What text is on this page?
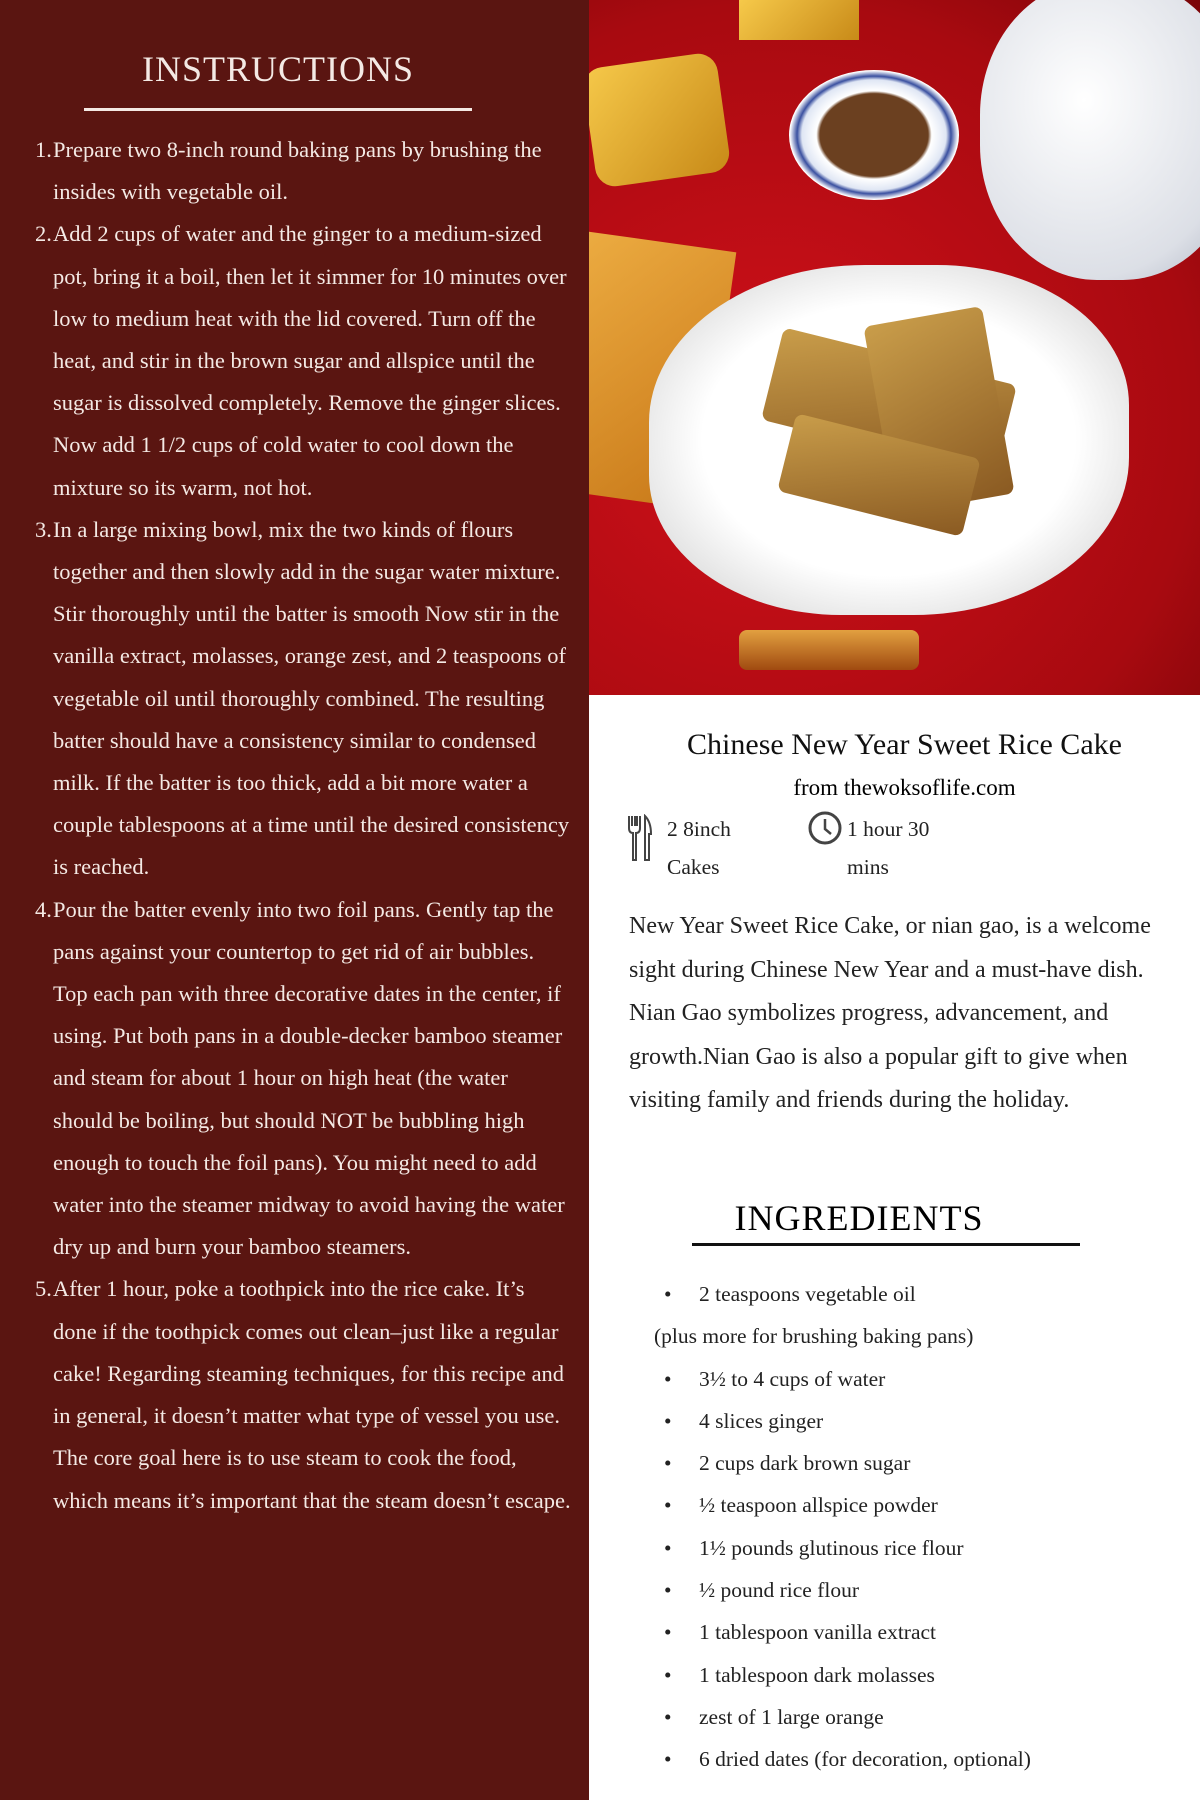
INSTRUCTIONS
Prepare two 8-inch round baking pans by brushing the insides with vegetable oil.
Add 2 cups of water and the ginger to a medium-sized pot, bring it a boil, then let it simmer for 10 minutes over low to medium heat with the lid covered. Turn off the heat, and stir in the brown sugar and allspice until the sugar is dissolved completely. Remove the ginger slices. Now add 1 1/2 cups of cold water to cool down the mixture so its warm, not hot.
In a large mixing bowl, mix the two kinds of flours together and then slowly add in the sugar water mixture. Stir thoroughly until the batter is smooth Now stir in the vanilla extract, molasses, orange zest, and 2 teaspoons of vegetable oil until thoroughly combined. The resulting batter should have a consistency similar to condensed milk. If the batter is too thick, add a bit more water a couple tablespoons at a time until the desired consistency is reached.
Pour the batter evenly into two foil pans. Gently tap the pans against your countertop to get rid of air bubbles. Top each pan with three decorative dates in the center, if using. Put both pans in a double-decker bamboo steamer and steam for about 1 hour on high heat (the water should be boiling, but should NOT be bubbling high enough to touch the foil pans). You might need to add water into the steamer midway to avoid having the water dry up and burn your bamboo steamers.
After 1 hour, poke a toothpick into the rice cake. It’s done if the toothpick comes out clean–just like a regular cake! Regarding steaming techniques, for this recipe and in general, it doesn’t matter what type of vessel you use. The core goal here is to use steam to cook the food, which means it’s important that the steam doesn’t escape.
Chinese New Year Sweet Rice Cake
from thewoksoflife.com
2 8inch
Cakes
1 hour 30
mins

New Year Sweet Rice Cake, or nian gao, is a welcome sight during Chinese New Year and a must-have dish. Nian Gao symbolizes progress, advancement, and growth.Nian Gao is also a popular gift to give when visiting family and friends during the holiday.

INGREDIENTS
• 2 teaspoons vegetable oil
(plus more for brushing baking pans)
• 3½ to 4 cups of water
• 4 slices ginger
• 2 cups dark brown sugar
• ½ teaspoon allspice powder
• 1½ pounds glutinous rice flour
• ½ pound rice flour
• 1 tablespoon vanilla extract
• 1 tablespoon dark molasses
• zest of 1 large orange
• 6 dried dates (for decoration, optional)
